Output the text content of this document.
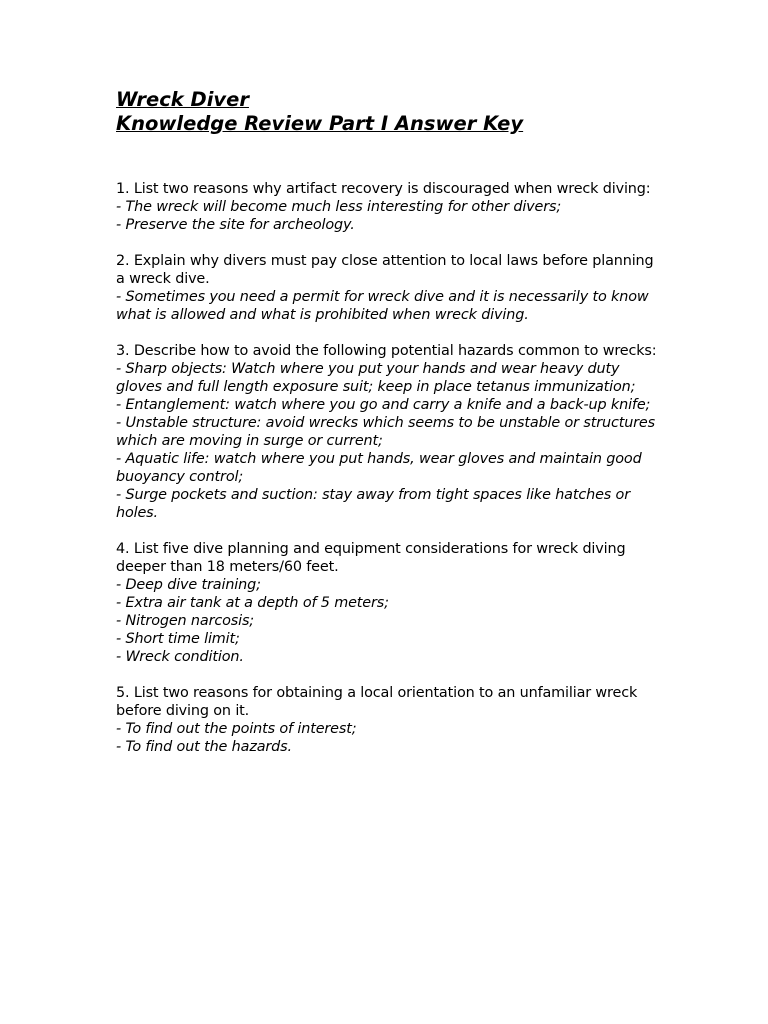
Wreck Diver
Knowledge Review Part I Answer Key
1. List two reasons why artifact recovery is discouraged when wreck diving:
- The wreck will become much less interesting for other divers;
- Preserve the site for archeology.
2. Explain why divers must pay close attention to local laws before planning a wreck dive.
- Sometimes you need a permit for wreck dive and it is necessarily to know what is allowed and what is prohibited when wreck diving.
3. Describe how to avoid the following potential hazards common to wrecks:
- Sharp objects: Watch where you put your hands and wear heavy duty gloves and full length exposure suit; keep in place tetanus immunization;
- Entanglement: watch where you go and carry a knife and a back-up knife;
- Unstable structure: avoid wrecks which seems to be unstable or structures which are moving in surge or current;
- Aquatic life: watch where you put hands, wear gloves and maintain good buoyancy control;
- Surge pockets and suction: stay away from tight spaces like hatches or holes.
4. List five dive planning and equipment considerations for wreck diving deeper than 18 meters/60 feet.
- Deep dive training;
- Extra air tank at a depth of 5 meters;
- Nitrogen narcosis;
- Short time limit;
- Wreck condition.
5. List two reasons for obtaining a local orientation to an unfamiliar wreck before diving on it.
- To find out the points of interest;
- To find out the hazards.
